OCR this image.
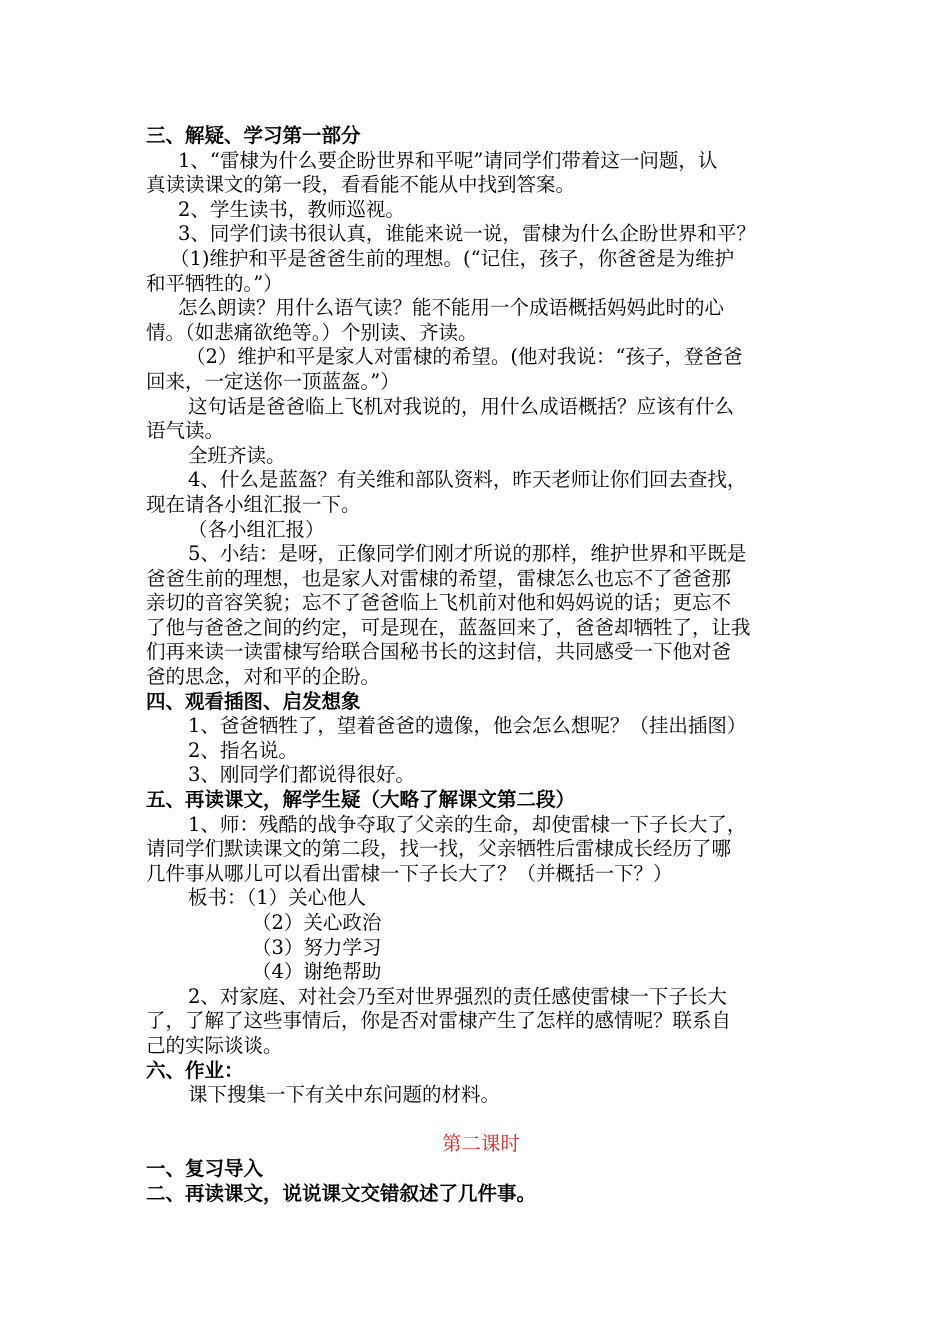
三、解疑、学习第一部分
1、“雷棣为什么要企盼世界和平呢”请同学们带着这一问题，认
真读读课文的第一段，看看能不能从中找到答案。
2、学生读书，教师巡视。
3、同学们读书很认真，谁能来说一说，雷棣为什么企盼世界和平？
（1)维护和平是爸爸生前的理想。(“记住，孩子，你爸爸是为维护
和平牺牲的。”）
怎么朗读？用什么语气读？能不能用一个成语概括妈妈此时的心
情。（如悲痛欲绝等。）个别读、齐读。
（2）维护和平是家人对雷棣的希望。(他对我说：“孩子，登爸爸
回来，一定送你一顶蓝盔。”）
这句话是爸爸临上飞机对我说的，用什么成语概括？应该有什么
语气读。
全班齐读。
4、什么是蓝盔？有关维和部队资料，昨天老师让你们回去查找，
现在请各小组汇报一下。
（各小组汇报）
5、小结：是呀，正像同学们刚才所说的那样，维护世界和平既是
爸爸生前的理想，也是家人对雷棣的希望，雷棣怎么也忘不了爸爸那
亲切的音容笑貌；忘不了爸爸临上飞机前对他和妈妈说的话；更忘不
了他与爸爸之间的约定，可是现在，蓝盔回来了，爸爸却牺牲了，让我
们再来读一读雷棣写给联合国秘书长的这封信，共同感受一下他对爸
爸的思念，对和平的企盼。
四、观看插图、启发想象
1、爸爸牺牲了，望着爸爸的遗像，他会怎么想呢？（挂出插图）
2、指名说。
3、刚同学们都说得很好。
五、再读课文，解学生疑（大略了解课文第二段）
1、师：残酷的战争夺取了父亲的生命，却使雷棣一下子长大了，
请同学们默读课文的第二段，找一找，父亲牺牲后雷棣成长经历了哪
几件事从哪儿可以看出雷棣一下子长大了？（并概括一下？）
板书：（1）关心他人
（2）关心政治
（3）努力学习
（4）谢绝帮助
2、对家庭、对社会乃至对世界强烈的责任感使雷棣一下子长大
了，了解了这些事情后，你是否对雷棣产生了怎样的感情呢？联系自
己的实际谈谈。
六、作业：
课下搜集一下有关中东问题的材料。
第二课时
一、复习导入
二、再读课文，说说课文交错叙述了几件事。
